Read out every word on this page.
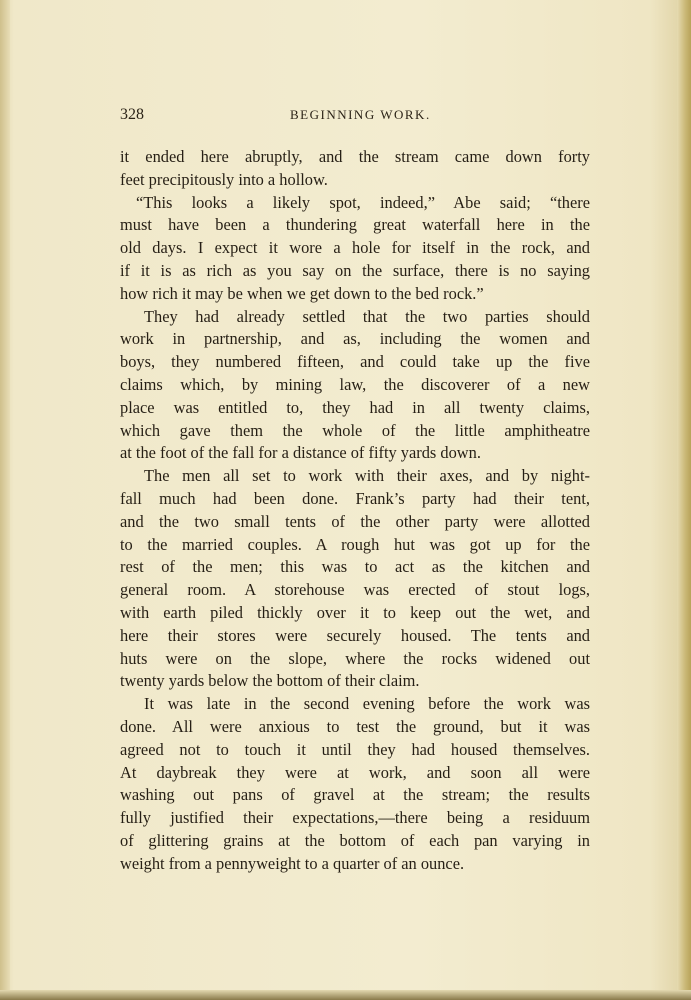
328	BEGINNING WORK.
it ended here abruptly, and the stream came down forty
feet precipitously into a hollow.
“This looks a likely spot, indeed,” Abe said; “there
must have been a thundering great waterfall here in the
old days. I expect it wore a hole for itself in the rock, and
if it is as rich as you say on the surface, there is no saying
how rich it may be when we get down to the bed rock.”
They had already settled that the two parties should
work in partnership, and as, including the women and
boys, they numbered fifteen, and could take up the five
claims which, by mining law, the discoverer of a new
place was entitled to, they had in all twenty claims,
which gave them the whole of the little amphitheatre
at the foot of the fall for a distance of fifty yards down.
The men all set to work with their axes, and by night-
fall much had been done. Frank’s party had their tent,
and the two small tents of the other party were allotted
to the married couples. A rough hut was got up for the
rest of the men; this was to act as the kitchen and
general room. A storehouse was erected of stout logs,
with earth piled thickly over it to keep out the wet, and
here their stores were securely housed. The tents and
huts were on the slope, where the rocks widened out
twenty yards below the bottom of their claim.
It was late in the second evening before the work was
done. All were anxious to test the ground, but it was
agreed not to touch it until they had housed themselves.
At daybreak they were at work, and soon all were
washing out pans of gravel at the stream; the results
fully justified their expectations,—there being a residuum
of glittering grains at the bottom of each pan varying in
weight from a pennyweight to a quarter of an ounce.
